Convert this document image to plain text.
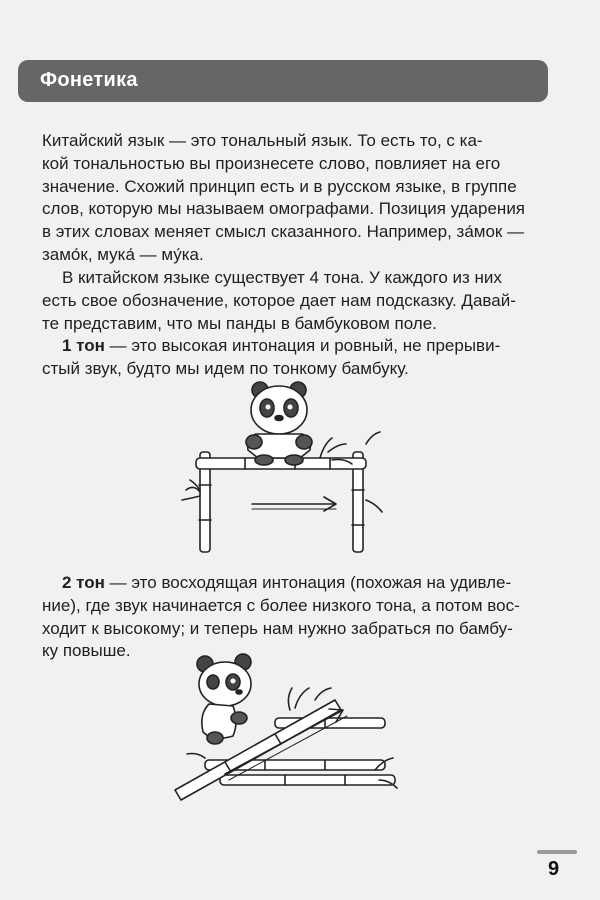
Фонетика

Китайский язык — это тональный язык. То есть то, с ка-
кой тональностью вы произнесете слово, повлияет на его
значение. Схожий принцип есть и в русском языке, в группе
слов, которую мы называем омографами. Позиция ударения
в этих словах меняет смысл сказанного. Например, за́мок —
замо́к, мука́ — му́ка.

В китайском языке существует 4 тона. У каждого из них
есть свое обозначение, которое дает нам подсказку. Давай-
те представим, что мы панды в бамбуковом поле.

1 тон — это высокая интонация и ровный, не прерыви-
стый звук, будто мы идем по тонкому бамбуку.

2 тон — это восходящая интонация (похожая на удивле-
ние), где звук начинается с более низкого тона, а потом вос-
ходит к высокому; и теперь нам нужно забраться по бамбу-
ку повыше.

9
